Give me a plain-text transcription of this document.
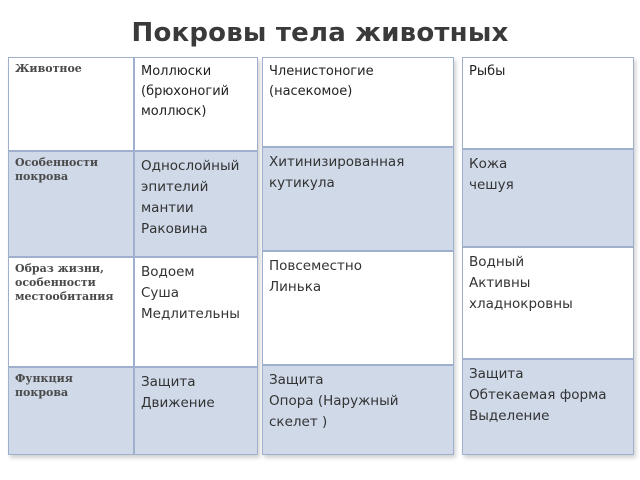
Покровы тела животных
Животное	Моллюски
(брюхоногий
моллюск)
Особенности
покрова
Однослойный
эпителий
мантии
Раковина
Образ жизни,
особенности
местообитания
Водоем
Суша
Медлительны
Функция
покрова
Защита
Движение
Членистоногие
(насекомое)
Хитинизированная
кутикула
Повсеместно
Линька
Защита
Опора (Наружный
скелет )
Рыбы
Кожа
чешуя
Водный
Активны
хладнокровны
Защита
Обтекаемая форма
Выделение
